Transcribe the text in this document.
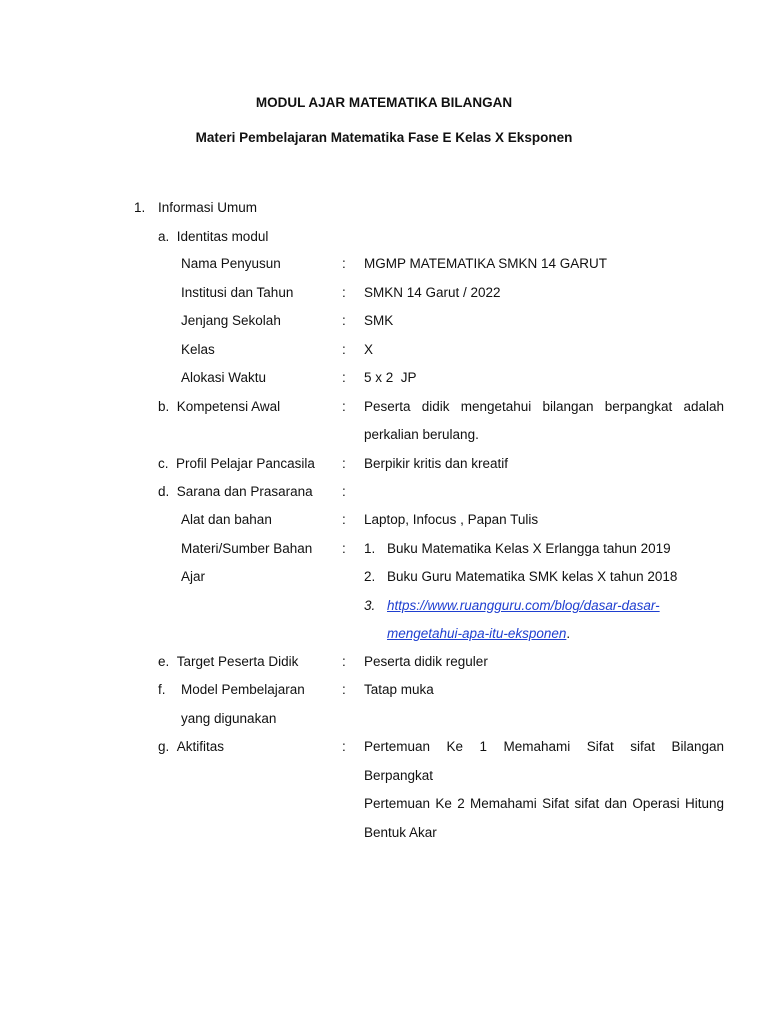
MODUL AJAR MATEMATIKA BILANGAN
Materi Pembelajaran Matematika Fase E Kelas X Eksponen
1. Informasi Umum
a. Identitas modul
Nama Penyusun	: MGMP MATEMATIKA SMKN 14 GARUT
Institusi dan Tahun	: SMKN 14 Garut / 2022
Jenjang Sekolah	: SMK
Kelas	: X
Alokasi Waktu	: 5 x 2  JP
b. Kompetensi Awal	: Peserta didik mengetahui bilangan berpangkat adalah
perkalian berulang.
c. Profil Pelajar Pancasila : Berpikir kritis dan kreatif
d. Sarana dan Prasarana :
Alat dan bahan	: Laptop, Infocus , Papan Tulis
Materi/Sumber Bahan
Ajar
: 1. Buku Matematika Kelas X Erlangga tahun 2019
2. Buku Guru Matematika SMK kelas X tahun 2018
3. https://www.ruangguru.com/blog/dasar-dasar-
mengetahui-apa-itu-eksponen.
e. Target Peserta Didik	: Peserta didik reguler
f. Model Pembelajaran
yang digunakan
: Tatap muka
g. Aktifitas	: Pertemuan Ke 1 Memahami Sifat sifat Bilangan
Berpangkat
Pertemuan Ke 2 Memahami Sifat sifat dan Operasi Hitung
Bentuk Akar
